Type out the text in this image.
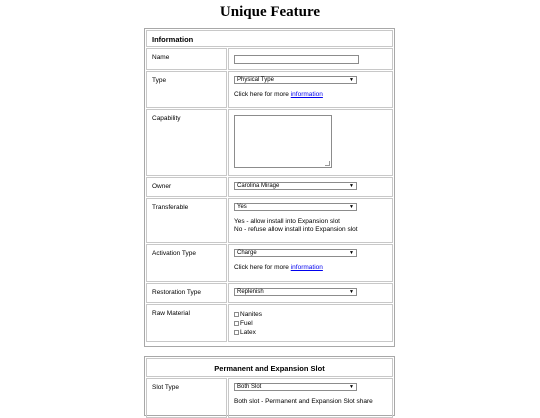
Unique Feature
Information
Name
Type	Physical Type	▼
Click here for more information
Capability
Owner	Carolina Mirage	▼
Transferable	Yes	▼
Yes - allow install into Expansion slot
No - refuse allow install into Expansion slot
Activation Type	Charge	▼
Click here for more information
Restoration Type	Replenish	▼
Raw Material	Nanites
Fuel
Latex
Permanent and Expansion Slot
Slot Type	Both Slot	▼
Both slot - Permanent and Expansion Slot share
